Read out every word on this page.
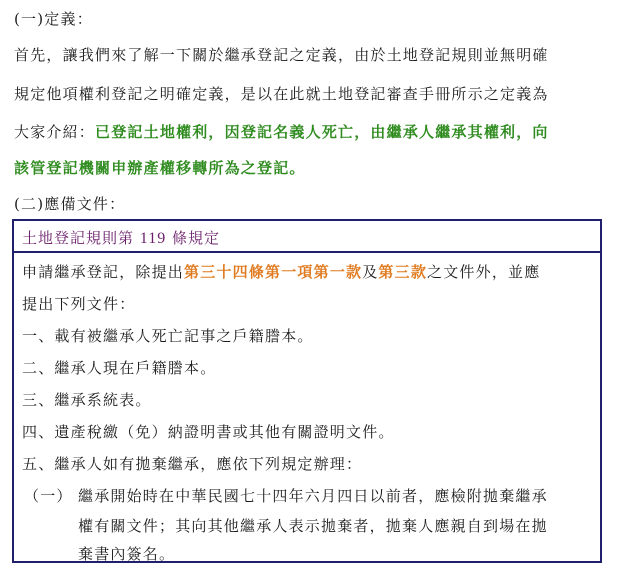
(一)定義：
首先，讓我們來了解一下關於繼承登記之定義，由於土地登記規則並無明確
規定他項權利登記之明確定義，是以在此就土地登記審查手冊所示之定義為
大家介紹：已登記土地權利，因登記名義人死亡，由繼承人繼承其權利，向
該管登記機關申辦產權移轉所為之登記。
(二)應備文件：
土地登記規則第 119 條規定
申請繼承登記，除提出第三十四條第一項第一款及第三款之文件外，並應
提出下列文件：
一、載有被繼承人死亡記事之戶籍謄本。
二、繼承人現在戶籍謄本。
三、繼承系統表。
四、遺產稅繳（免）納證明書或其他有關證明文件。
五、繼承人如有拋棄繼承，應依下列規定辦理：
（一） 繼承開始時在中華民國七十四年六月四日以前者，應檢附拋棄繼承
權有關文件；其向其他繼承人表示拋棄者，拋棄人應親自到場在拋
棄書內簽名。
